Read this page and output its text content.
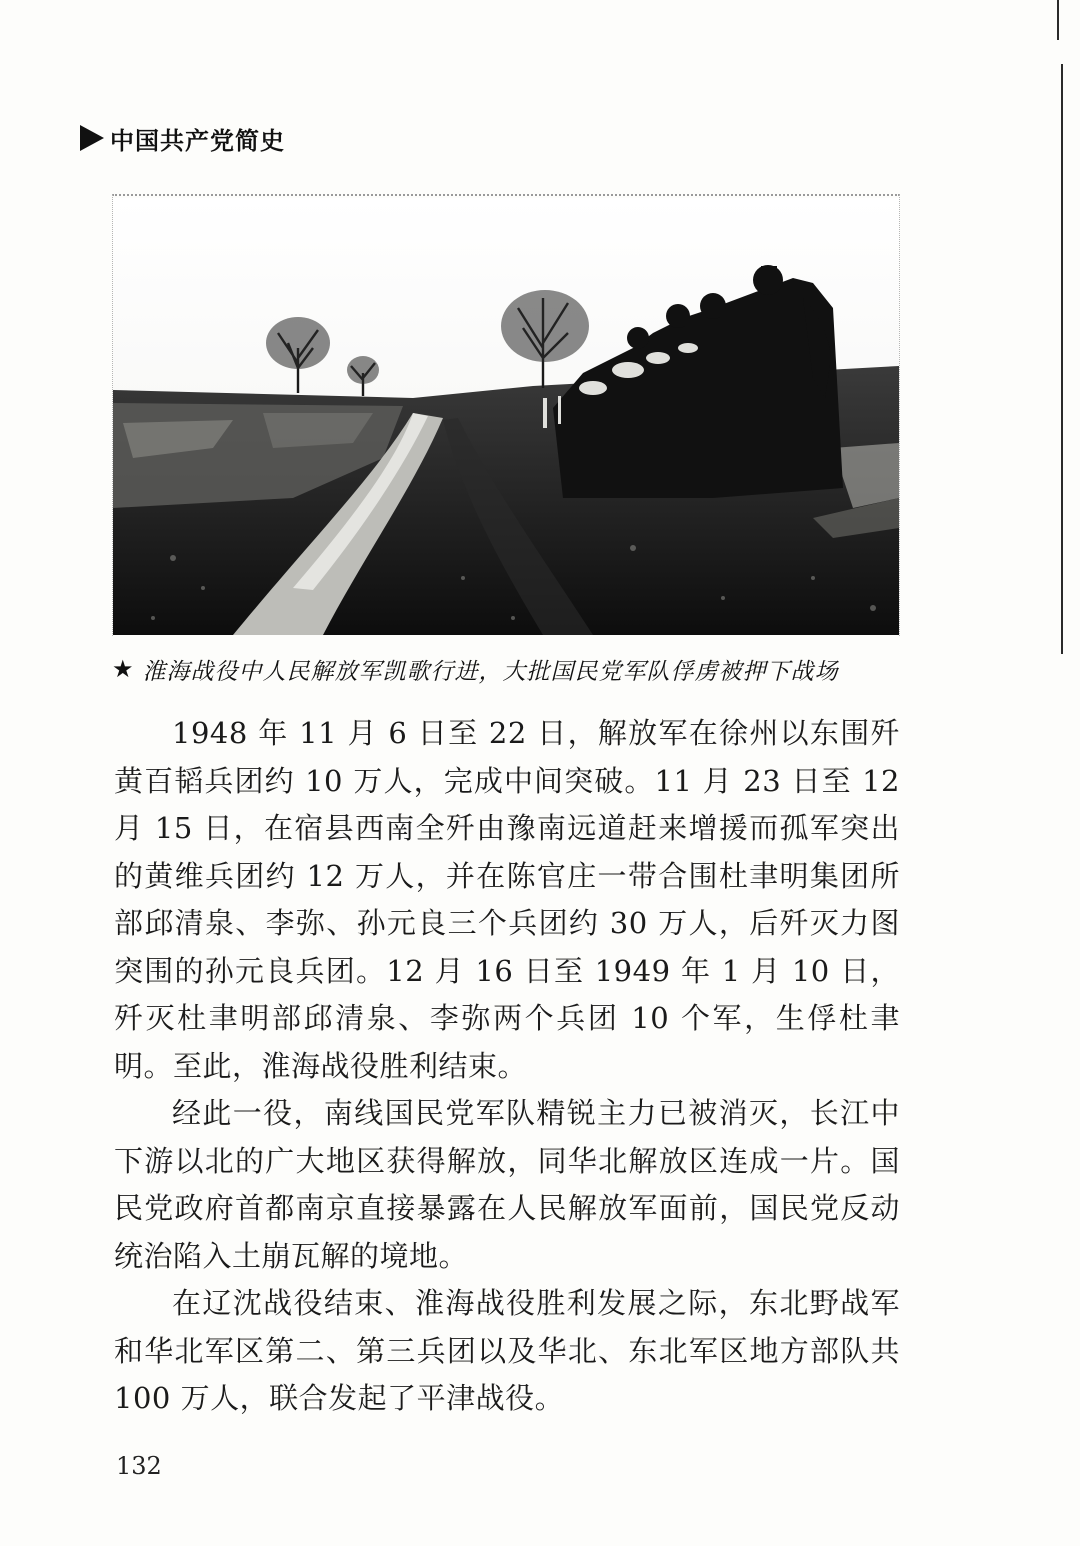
中国共产党简史
★ 淮海战役中人民解放军凯歌行进，大批国民党军队俘虏被押下战场

1948 年 11 月 6 日至 22 日，解放军在徐州以东围歼黄百韬兵团约 10 万人，完成中间突破。11 月 23 日至 12 月 15 日，在宿县西南全歼由豫南远道赶来增援而孤军突出的黄维兵团约 12 万人，并在陈官庄一带合围杜聿明集团所部邱清泉、李弥、孙元良三个兵团约 30 万人，后歼灭力图突围的孙元良兵团。12 月 16 日至 1949 年 1 月 10 日，歼灭杜聿明部邱清泉、李弥两个兵团 10 个军，生俘杜聿明。至此，淮海战役胜利结束。

经此一役，南线国民党军队精锐主力已被消灭，长江中下游以北的广大地区获得解放，同华北解放区连成一片。国民党政府首都南京直接暴露在人民解放军面前，国民党反动统治陷入土崩瓦解的境地。

在辽沈战役结束、淮海战役胜利发展之际，东北野战军和华北军区第二、第三兵团以及华北、东北军区地方部队共 100 万人，联合发起了平津战役。

132
